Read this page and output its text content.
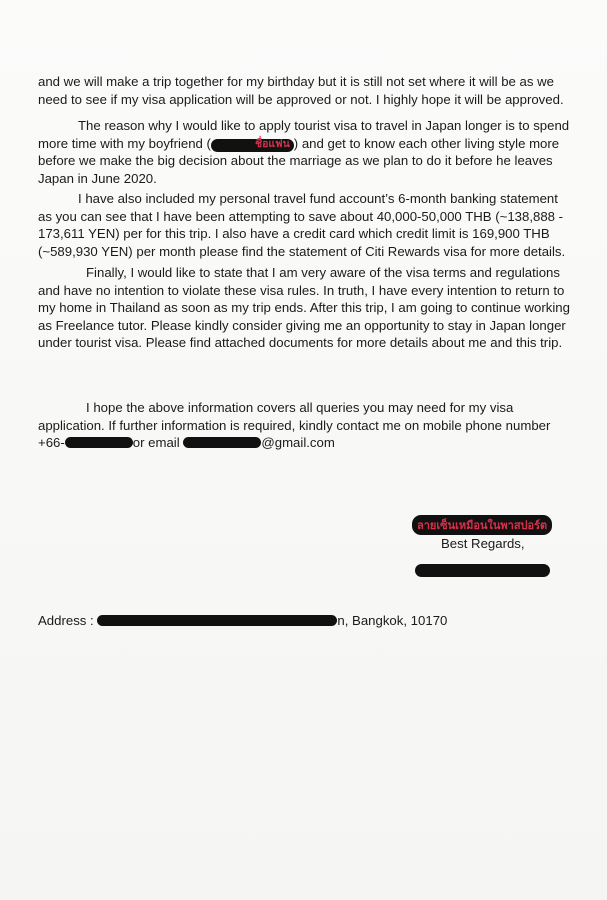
and we will make a trip together for my birthday but it is still not set where it will be as we need to see if my visa application will be approved or not. I highly hope it will be approved.

The reason why I would like to apply tourist visa to travel in Japan longer is to spend more time with my boyfriend (	$^{ชื่อแฟน}$ ) and get to know each other living style more before we make the big decision about the marriage as we plan to do it before he leaves Japan in June 2020.

I have also included my personal travel fund account’s 6-month banking statement as you can see that I have been attempting to save about 40,000-50,000 THB (~138,888 - 173,611 YEN) per for this trip. I also have a credit card which credit limit is 169,900 THB (~589,930 YEN) per month please find the statement of Citi Rewards visa for more details.

Finally, I would like to state that I am very aware of the visa terms and regulations and have no intention to violate these visa rules. In truth, I have every intention to return to my home in Thailand as soon as my trip ends. After this trip, I am going to continue working as Freelance tutor. Please kindly consider giving me an opportunity to stay in Japan longer under tourist visa. Please find attached documents for more details about me and this trip.

I hope the above information covers all queries you may need for my visa application. If further information is required, kindly contact me on mobile phone number
+66-	or email	@gmail.com

ลายเซ็นเหมือนในพาสปอร์ต
Best Regards,
Address :	n, Bangkok, 10170
